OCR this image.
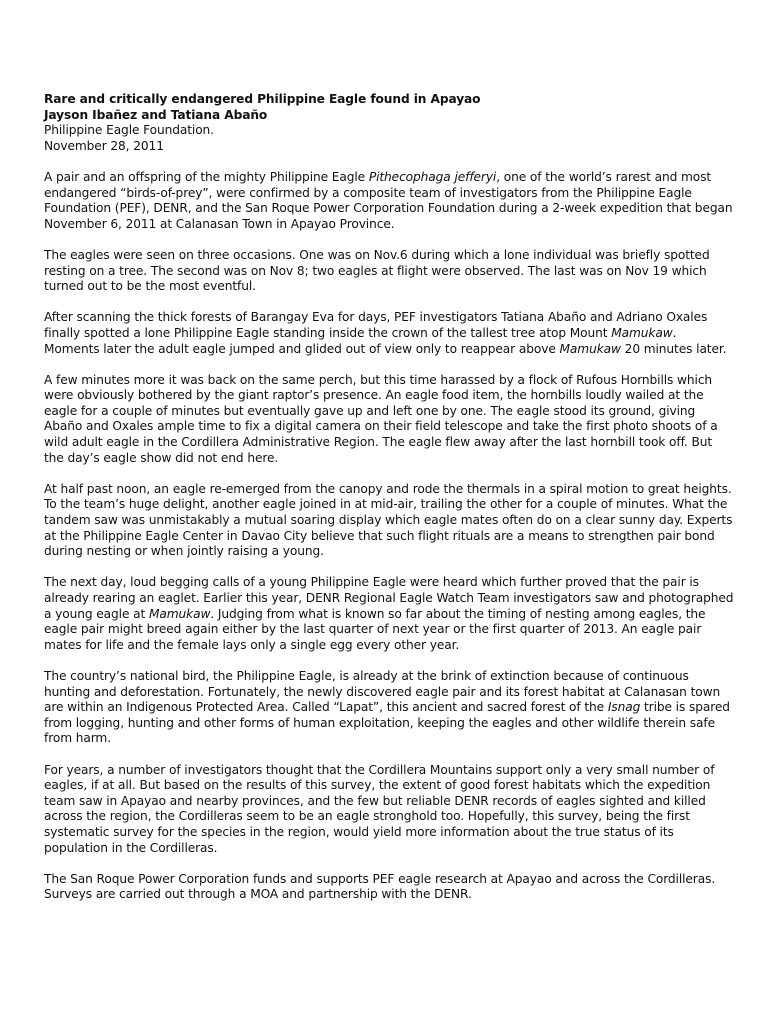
Rare and critically endangered Philippine Eagle found in Apayao
Jayson Ibañez and Tatiana Abaño
Philippine Eagle Foundation.
November 28, 2011

A pair and an offspring of the mighty Philippine Eagle Pithecophaga jefferyi, one of the world’s rarest and most endangered “birds-of-prey”, were confirmed by a composite team of investigators from the Philippine Eagle Foundation (PEF), DENR, and the San Roque Power Corporation Foundation during a 2-week expedition that began November 6, 2011 at Calanasan Town in Apayao Province.

The eagles were seen on three occasions. One was on Nov.6 during which a lone individual was briefly spotted resting on a tree. The second was on Nov 8; two eagles at flight were observed. The last was on Nov 19 which turned out to be the most eventful.

After scanning the thick forests of Barangay Eva for days, PEF investigators Tatiana Abaño and Adriano Oxales finally spotted a lone Philippine Eagle standing inside the crown of the tallest tree atop Mount Mamukaw. Moments later the adult eagle jumped and glided out of view only to reappear above Mamukaw 20 minutes later.

A few minutes more it was back on the same perch, but this time harassed by a flock of Rufous Hornbills which were obviously bothered by the giant raptor’s presence. An eagle food item, the hornbills loudly wailed at the eagle for a couple of minutes but eventually gave up and left one by one. The eagle stood its ground, giving Abaño and Oxales ample time to fix a digital camera on their field telescope and take the first photo shoots of a wild adult eagle in the Cordillera Administrative Region. The eagle flew away after the last hornbill took off. But the day’s eagle show did not end here.

At half past noon, an eagle re-emerged from the canopy and rode the thermals in a spiral motion to great heights. To the team’s huge delight, another eagle joined in at mid-air, trailing the other for a couple of minutes. What the tandem saw was unmistakably a mutual soaring display which eagle mates often do on a clear sunny day. Experts at the Philippine Eagle Center in Davao City believe that such flight rituals are a means to strengthen pair bond during nesting or when jointly raising a young.

The next day, loud begging calls of a young Philippine Eagle were heard which further proved that the pair is already rearing an eaglet. Earlier this year, DENR Regional Eagle Watch Team investigators saw and photographed a young eagle at Mamukaw. Judging from what is known so far about the timing of nesting among eagles, the eagle pair might breed again either by the last quarter of next year or the first quarter of 2013. An eagle pair mates for life and the female lays only a single egg every other year.

The country’s national bird, the Philippine Eagle, is already at the brink of extinction because of continuous hunting and deforestation. Fortunately, the newly discovered eagle pair and its forest habitat at Calanasan town are within an Indigenous Protected Area. Called “Lapat”, this ancient and sacred forest of the Isnag tribe is spared from logging, hunting and other forms of human exploitation, keeping the eagles and other wildlife therein safe from harm.

For years, a number of investigators thought that the Cordillera Mountains support only a very small number of eagles, if at all. But based on the results of this survey, the extent of good forest habitats which the expedition team saw in Apayao and nearby provinces, and the few but reliable DENR records of eagles sighted and killed across the region, the Cordilleras seem to be an eagle stronghold too. Hopefully, this survey, being the first systematic survey for the species in the region, would yield more information about the true status of its population in the Cordilleras.

The San Roque Power Corporation funds and supports PEF eagle research at Apayao and across the Cordilleras. Surveys are carried out through a MOA and partnership with the DENR.
